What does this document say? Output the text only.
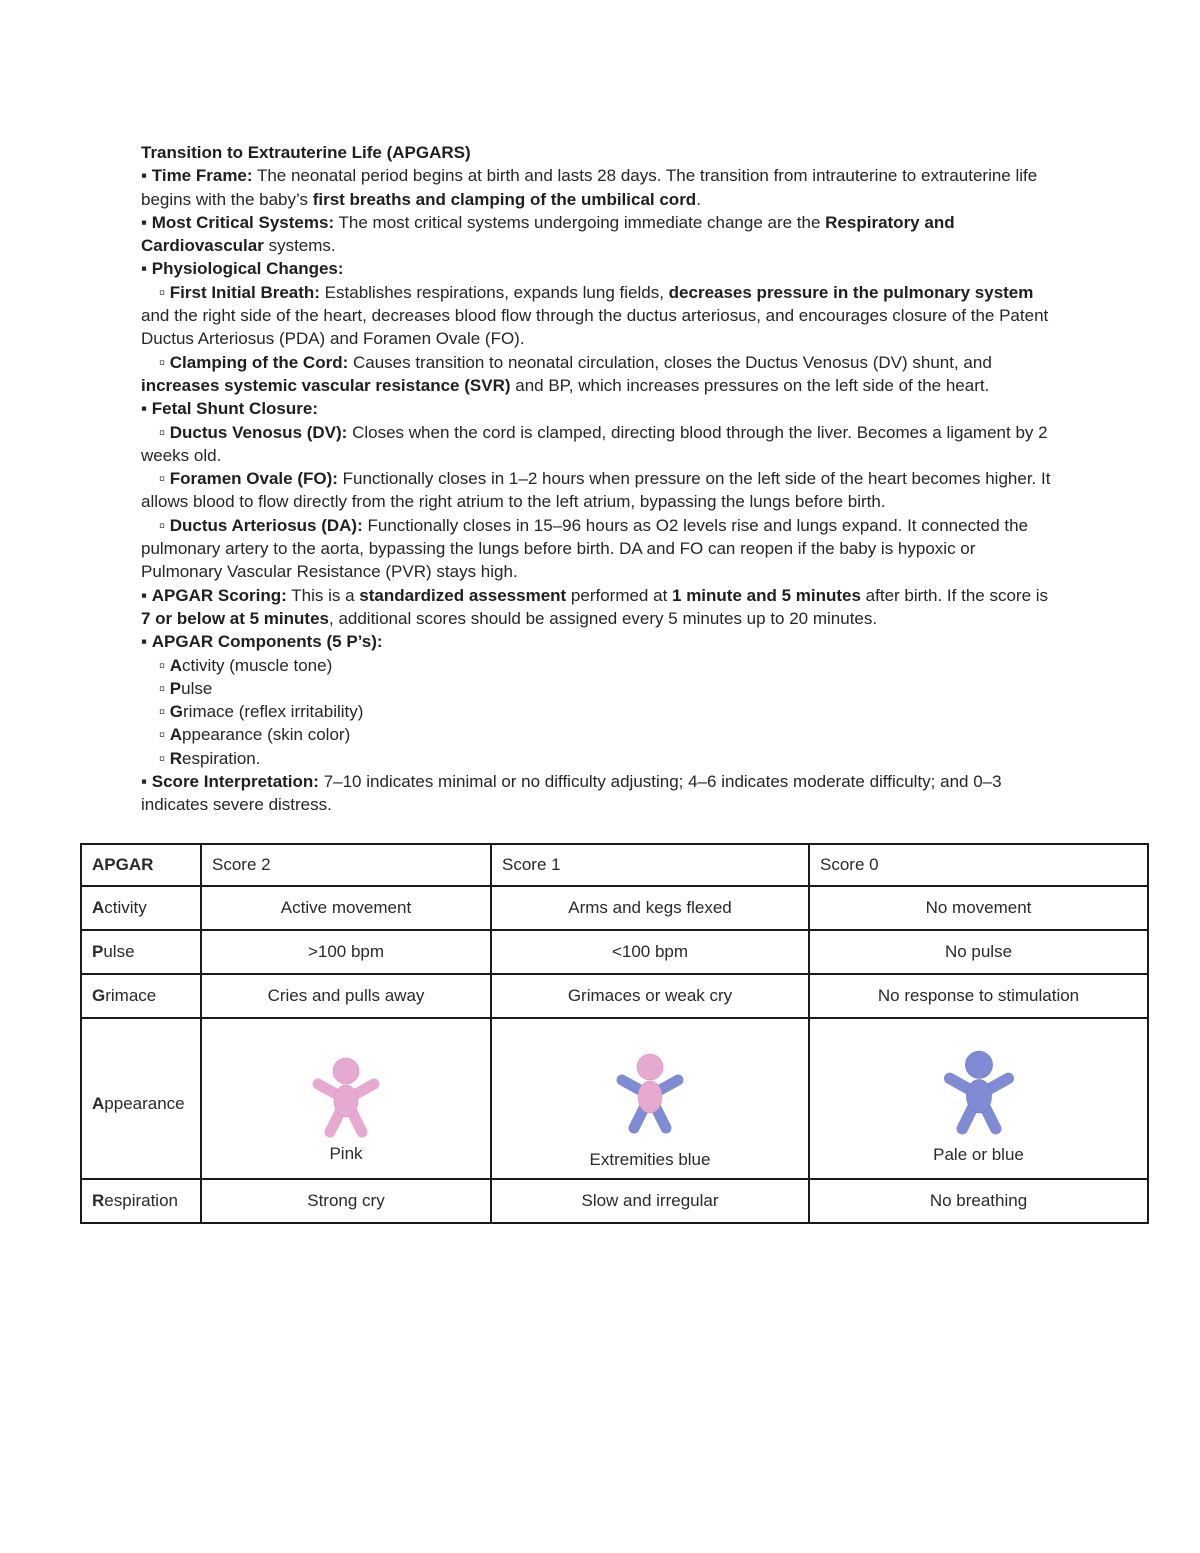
Transition to Extrauterine Life (APGARS)

▪ Time Frame: The neonatal period begins at birth and lasts 28 days. The transition from intrauterine to extrauterine life begins with the baby’s first breaths and clamping of the umbilical cord.

▪ Most Critical Systems: The most critical systems undergoing immediate change are the Respiratory and Cardiovascular systems.

▪ Physiological Changes:

▫ First Initial Breath: Establishes respirations, expands lung fields, decreases pressure in the pulmonary system and the right side of the heart, decreases blood flow through the ductus arteriosus, and encourages closure of the Patent Ductus Arteriosus (PDA) and Foramen Ovale (FO).

▫ Clamping of the Cord: Causes transition to neonatal circulation, closes the Ductus Venosus (DV) shunt, and increases systemic vascular resistance (SVR) and BP, which increases pressures on the left side of the heart.

▪ Fetal Shunt Closure:

▫ Ductus Venosus (DV): Closes when the cord is clamped, directing blood through the liver. Becomes a ligament by 2 weeks old.

▫ Foramen Ovale (FO): Functionally closes in 1–2 hours when pressure on the left side of the heart becomes higher. It allows blood to flow directly from the right atrium to the left atrium, bypassing the lungs before birth.

▫ Ductus Arteriosus (DA): Functionally closes in 15–96 hours as O2 levels rise and lungs expand. It connected the pulmonary artery to the aorta, bypassing the lungs before birth. DA and FO can reopen if the baby is hypoxic or Pulmonary Vascular Resistance (PVR) stays high.

▪ APGAR Scoring: This is a standardized assessment performed at 1 minute and 5 minutes after birth. If the score is 7 or below at 5 minutes, additional scores should be assigned every 5 minutes up to 20 minutes.

▪ APGAR Components (5 P’s):

▫ Activity (muscle tone)

▫ Pulse

▫ Grimace (reflex irritability)

▫ Appearance (skin color)

▫ Respiration.

▪ Score Interpretation: 7–10 indicates minimal or no difficulty adjusting; 4–6 indicates moderate difficulty; and 0–3 indicates severe distress.

APGAR	Score 2	Score 1	Score 0
Activity	Active movement	Arms and kegs flexed	No movement
Pulse	>100 bpm	<100 bpm	No pulse
Grimace	Cries and pulls away	Grimaces or weak cry	No response to stimulation
Appearance	Pink	Extremities blue	Pale or blue

Respiration	Strong cry	Slow and irregular	No breathing
